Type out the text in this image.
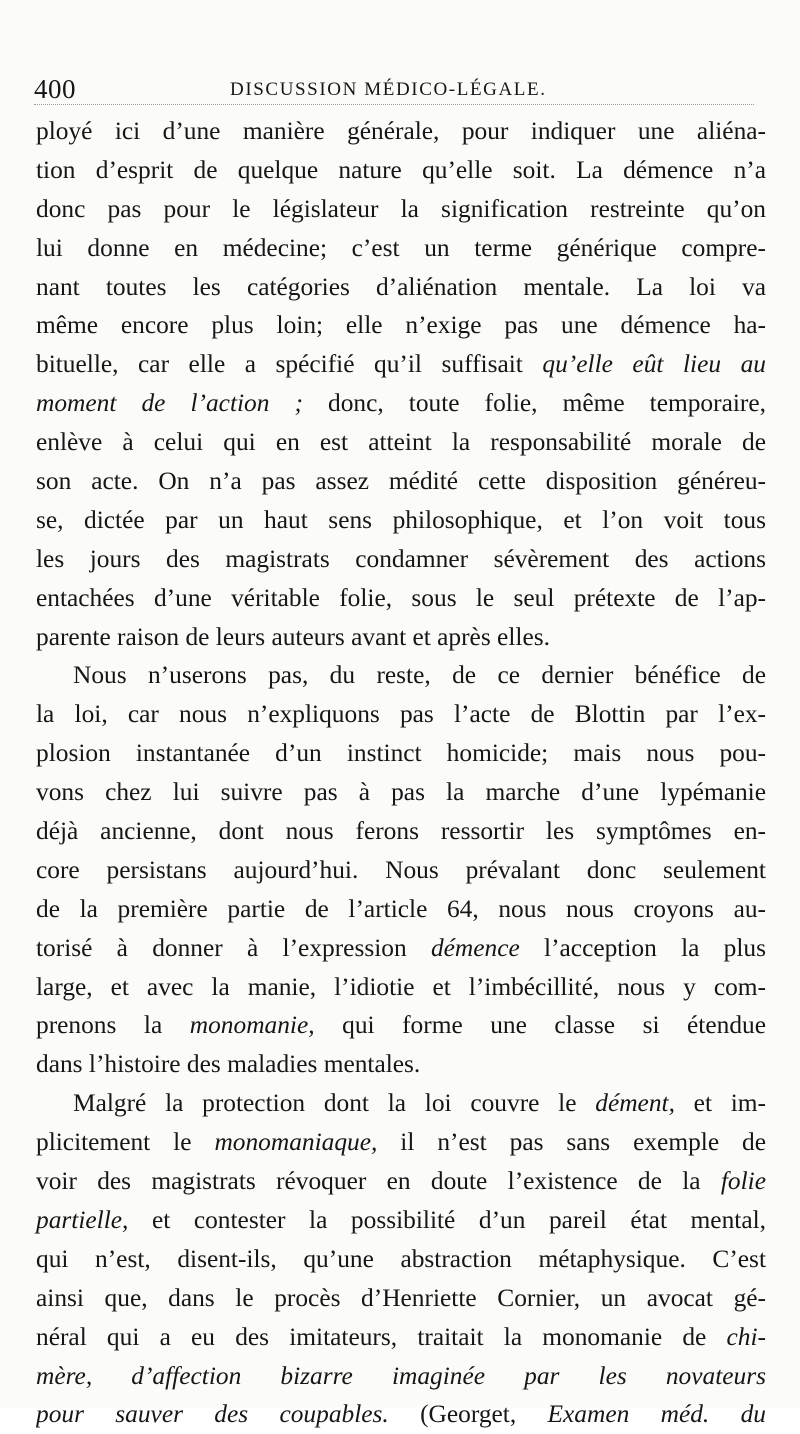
400	DISCUSSION MÉDICO-LÉGALE.
ployé ici d’une manière générale, pour indiquer une aliéna-
tion d’esprit de quelque nature qu’elle soit. La démence n’a
donc pas pour le législateur la signification restreinte qu’on
lui donne en médecine; c’est un terme générique compre-
nant toutes les catégories d’aliénation mentale. La loi va
même encore plus loin; elle n’exige pas une démence ha-
bituelle, car elle a spécifié qu’il suffisait qu’elle eût lieu au
moment de l’action ; donc, toute folie, même temporaire,
enlève à celui qui en est atteint la responsabilité morale de
son acte. On n’a pas assez médité cette disposition généreu-
se, dictée par un haut sens philosophique, et l’on voit tous
les jours des magistrats condamner sévèrement des actions
entachées d’une véritable folie, sous le seul prétexte de l’ap-
parente raison de leurs auteurs avant et après elles.
Nous n’userons pas, du reste, de ce dernier bénéfice de
la loi, car nous n’expliquons pas l’acte de Blottin par l’ex-
plosion instantanée d’un instinct homicide; mais nous pou-
vons chez lui suivre pas à pas la marche d’une lypémanie
déjà ancienne, dont nous ferons ressortir les symptômes en-
core persistans aujourd’hui. Nous prévalant donc seulement
de la première partie de l’article 64, nous nous croyons au-
torisé à donner à l’expression démence l’acception la plus
large, et avec la manie, l’idiotie et l’imbécillité, nous y com-
prenons la monomanie, qui forme une classe si étendue
dans l’histoire des maladies mentales.
Malgré la protection dont la loi couvre le dément, et im-
plicitement le monomaniaque, il n’est pas sans exemple de
voir des magistrats révoquer en doute l’existence de la folie
partielle, et contester la possibilité d’un pareil état mental,
qui n’est, disent-ils, qu’une abstraction métaphysique. C’est
ainsi que, dans le procès d’Henriette Cornier, un avocat gé-
néral qui a eu des imitateurs, traitait la monomanie de chi-
mère, d’affection bizarre imaginée par les novateurs
pour sauver des coupables. (Georget, Examen méd. du
